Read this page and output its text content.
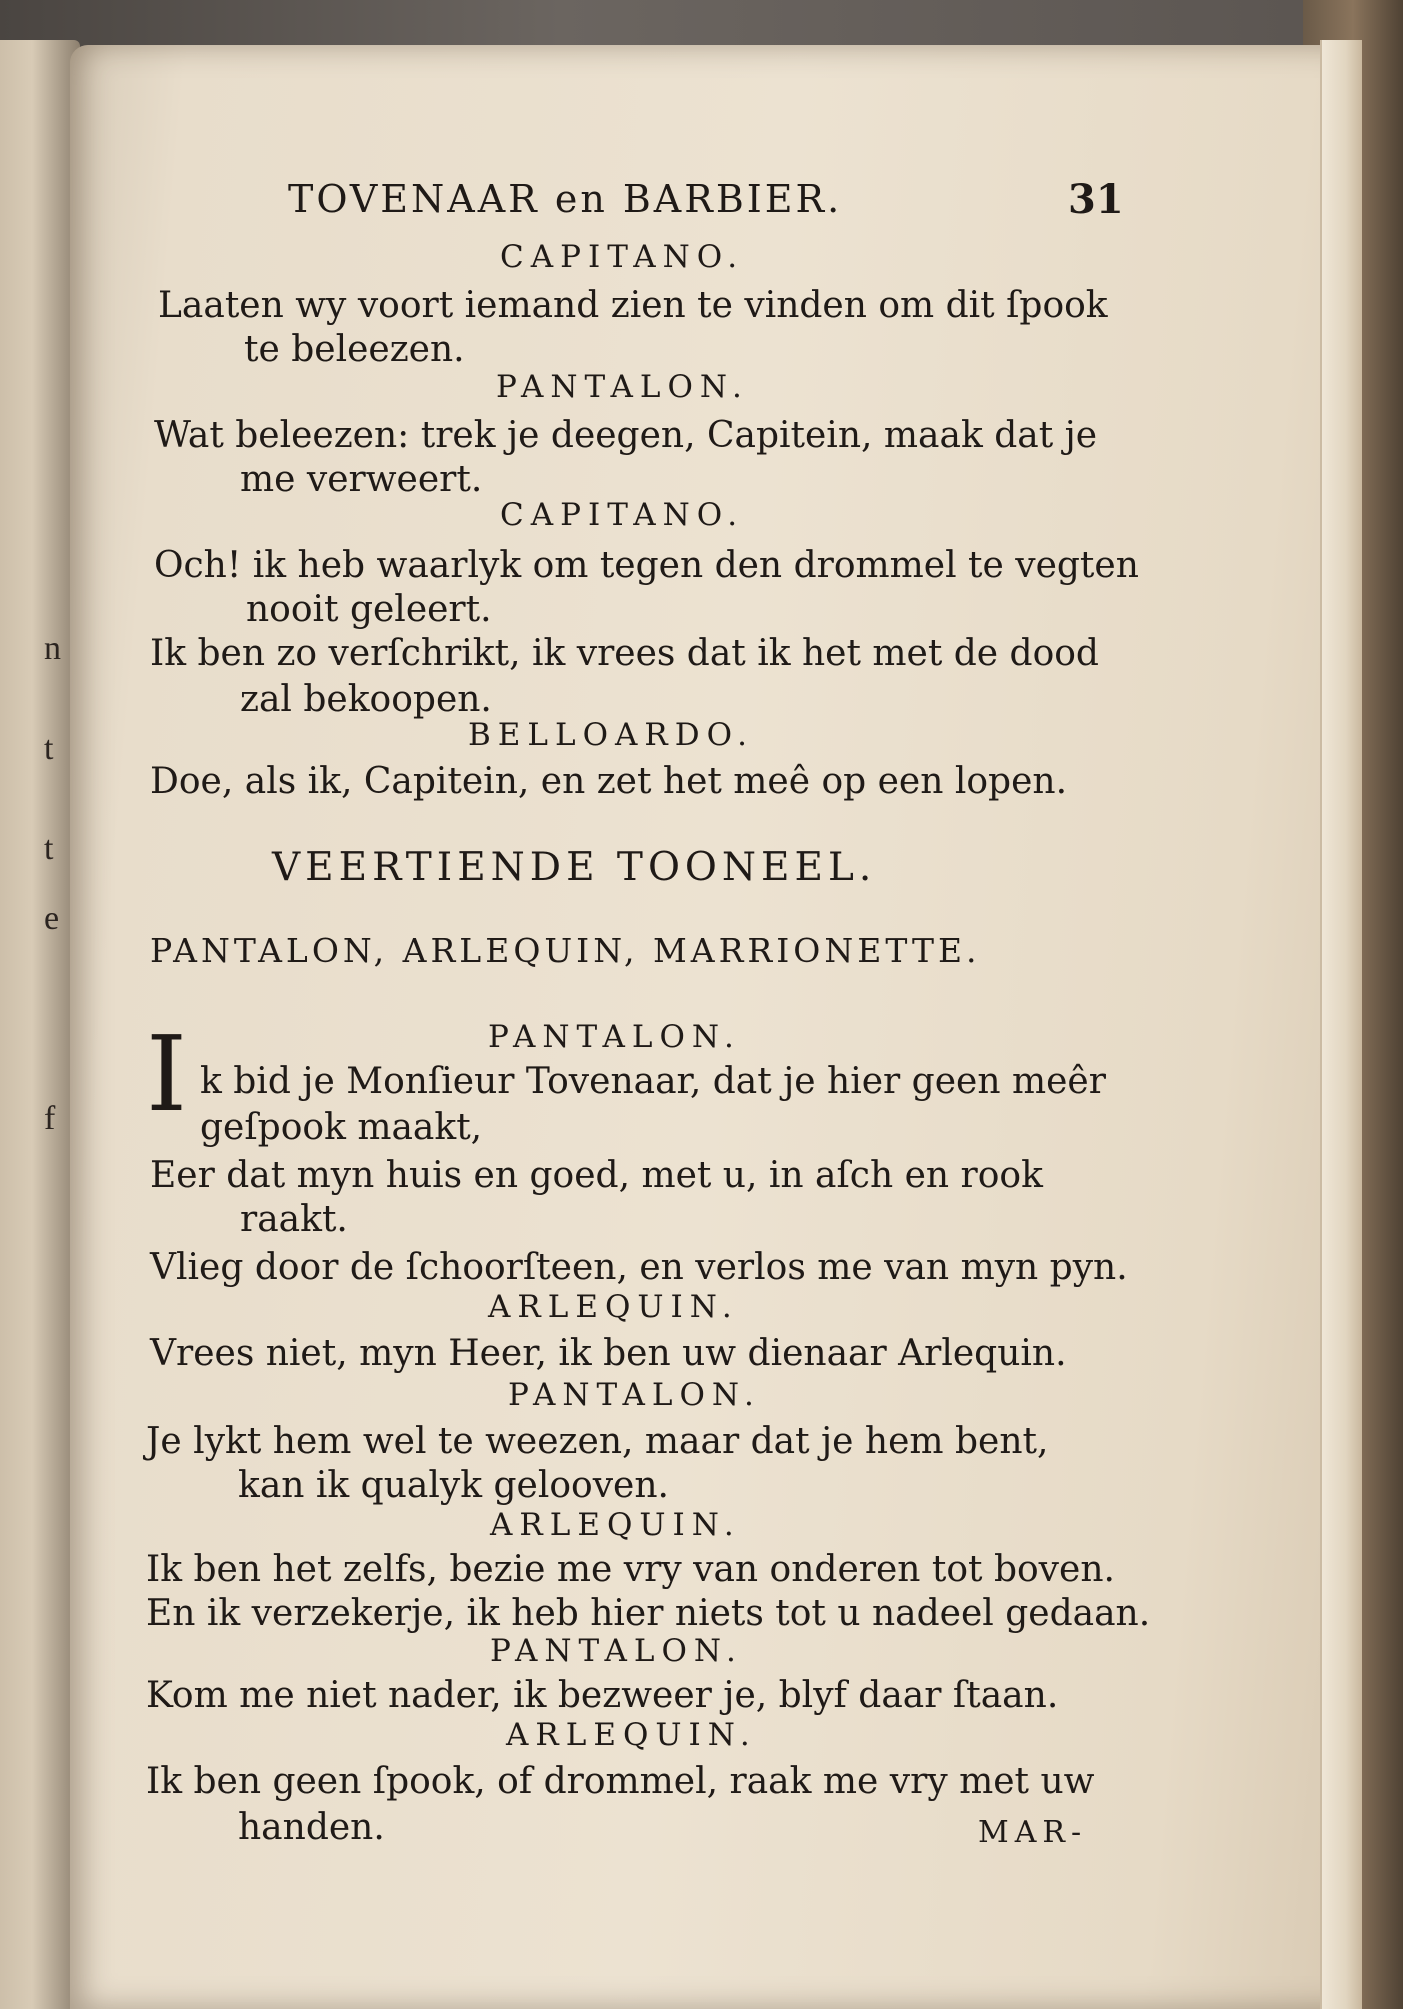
TOVENAAR en BARBIER.	31
I
MAR-
CAPITANO.
Laaten wy voort iemand zien te vinden om dit ſpook
te beleezen.
PANTALON.
Wat beleezen: trek je deegen, Capitein, maak dat je
me verweert.
CAPITANO.
Och! ik heb waarlyk om tegen den drommel te vegten
nooit geleert.
Ik ben zo verſchrikt, ik vrees dat ik het met de dood
zal bekoopen.
BELLOARDO.
Doe, als ik, Capitein, en zet het meê op een lopen.
VEERTIENDE TOONEEL.
PANTALON, ARLEQUIN, MARRIONETTE.
PANTALON.
k bid je Monſieur Tovenaar, dat je hier geen meêr
geſpook maakt,
Eer dat myn huis en goed, met u, in aſch en rook
raakt.
Vlieg door de ſchoorſteen, en verlos me van myn pyn.
ARLEQUIN.
Vrees niet, myn Heer, ik ben uw dienaar Arlequin.
PANTALON.
Je lykt hem wel te weezen, maar dat je hem bent,
kan ik qualyk gelooven.
ARLEQUIN.
Ik ben het zelfs, bezie me vry van onderen tot boven.
En ik verzekerje, ik heb hier niets tot u nadeel gedaan.
PANTALON.
Kom me niet nader, ik bezweer je, blyf daar ſtaan.
ARLEQUIN.
Ik ben geen ſpook, of drommel, raak me vry met uw
handen.
n
t
t
e
f
